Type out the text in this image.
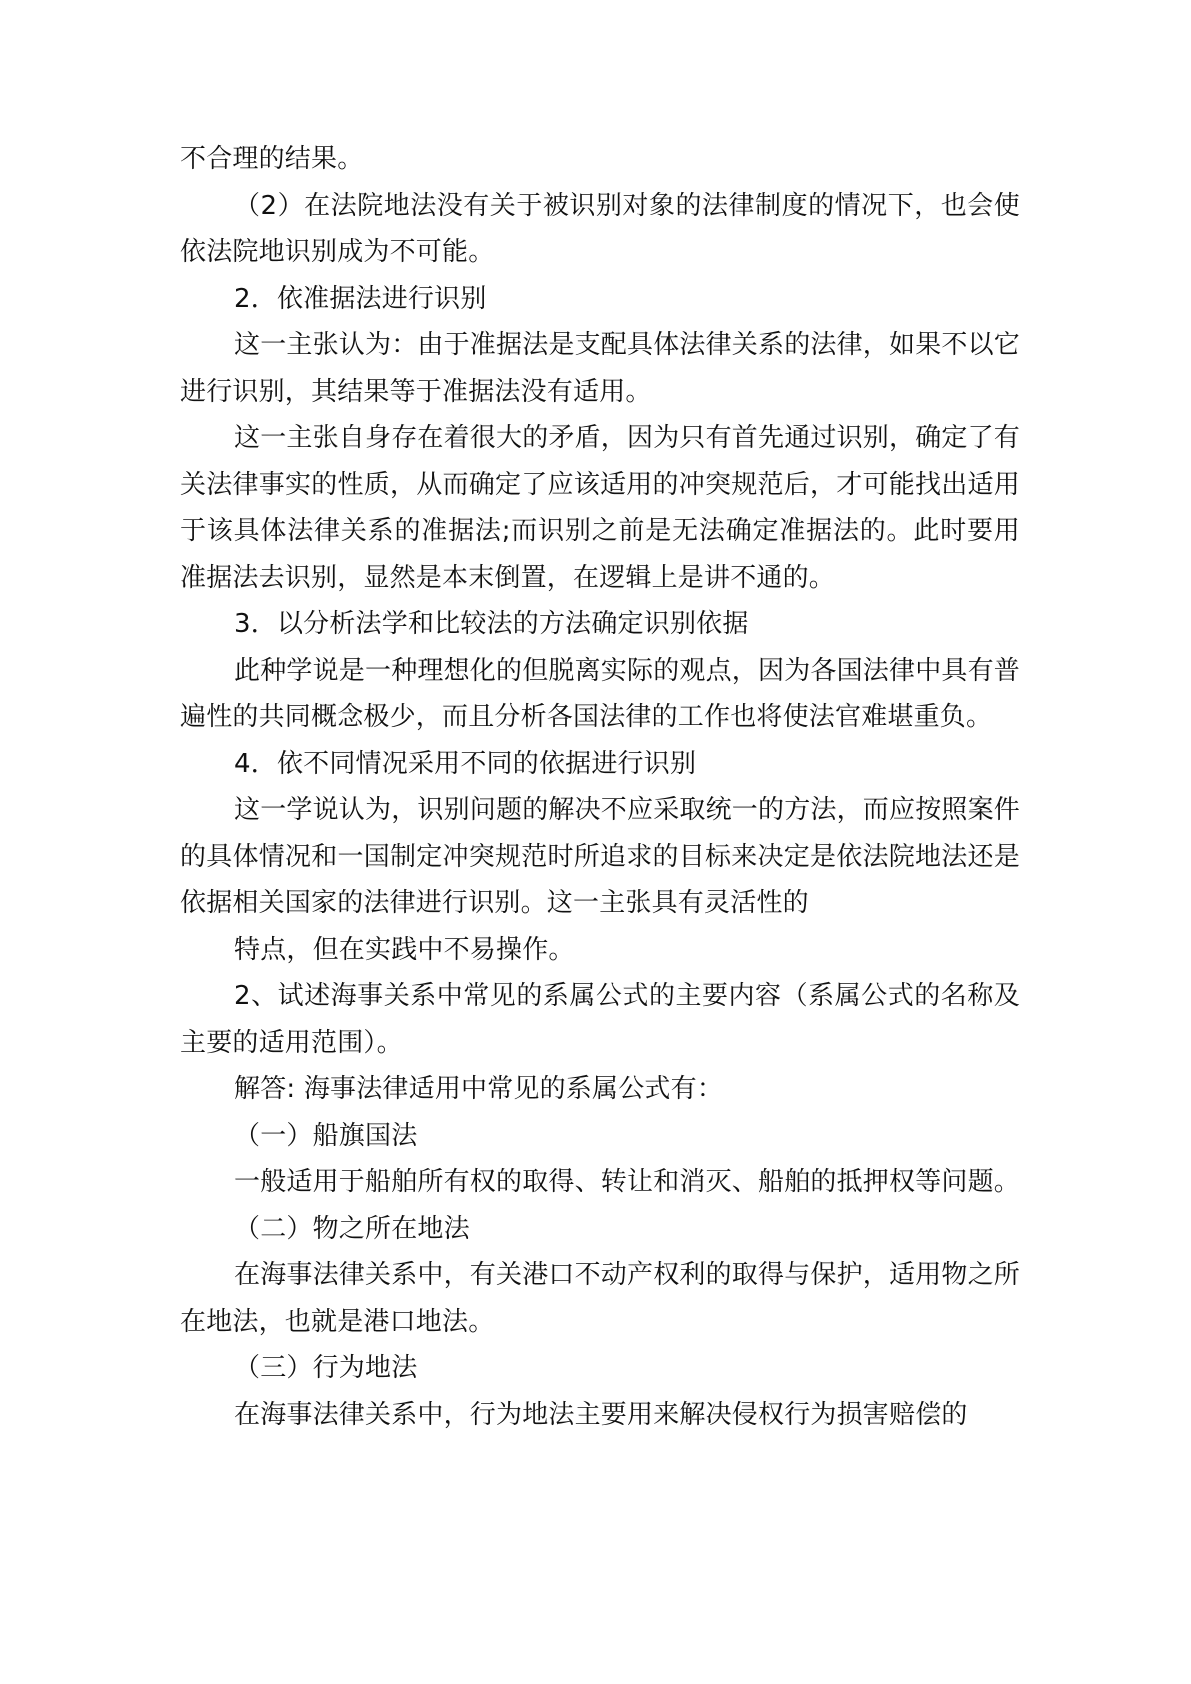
不合理的结果。

（2）在法院地法没有关于被识别对象的法律制度的情况下，也会使依法院地识别成为不可能。

2．依准据法进行识别

这一主张认为：由于准据法是支配具体法律关系的法律，如果不以它进行识别，其结果等于准据法没有适用。

这一主张自身存在着很大的矛盾，因为只有首先通过识别，确定了有关法律事实的性质，从而确定了应该适用的冲突规范后，才可能找出适用于该具体法律关系的准据法;而识别之前是无法确定准据法的。此时要用准据法去识别，显然是本末倒置，在逻辑上是讲不通的。

3．以分析法学和比较法的方法确定识别依据

此种学说是一种理想化的但脱离实际的观点，因为各国法律中具有普遍性的共同概念极少，而且分析各国法律的工作也将使法官难堪重负。

4．依不同情况采用不同的依据进行识别

这一学说认为，识别问题的解决不应采取统一的方法，而应按照案件的具体情况和一国制定冲突规范时所追求的目标来决定是依法院地法还是依据相关国家的法律进行识别。这一主张具有灵活性的

特点，但在实践中不易操作。

2、试述海事关系中常见的系属公式的主要内容（系属公式的名称及主要的适用范围）。

解答: 海事法律适用中常见的系属公式有：

（一）船旗国法

一般适用于船舶所有权的取得、转让和消灭、船舶的抵押权等问题。

（二）物之所在地法

在海事法律关系中，有关港口不动产权利的取得与保护，适用物之所在地法，也就是港口地法。

（三）行为地法

在海事法律关系中，行为地法主要用来解决侵权行为损害赔偿的
